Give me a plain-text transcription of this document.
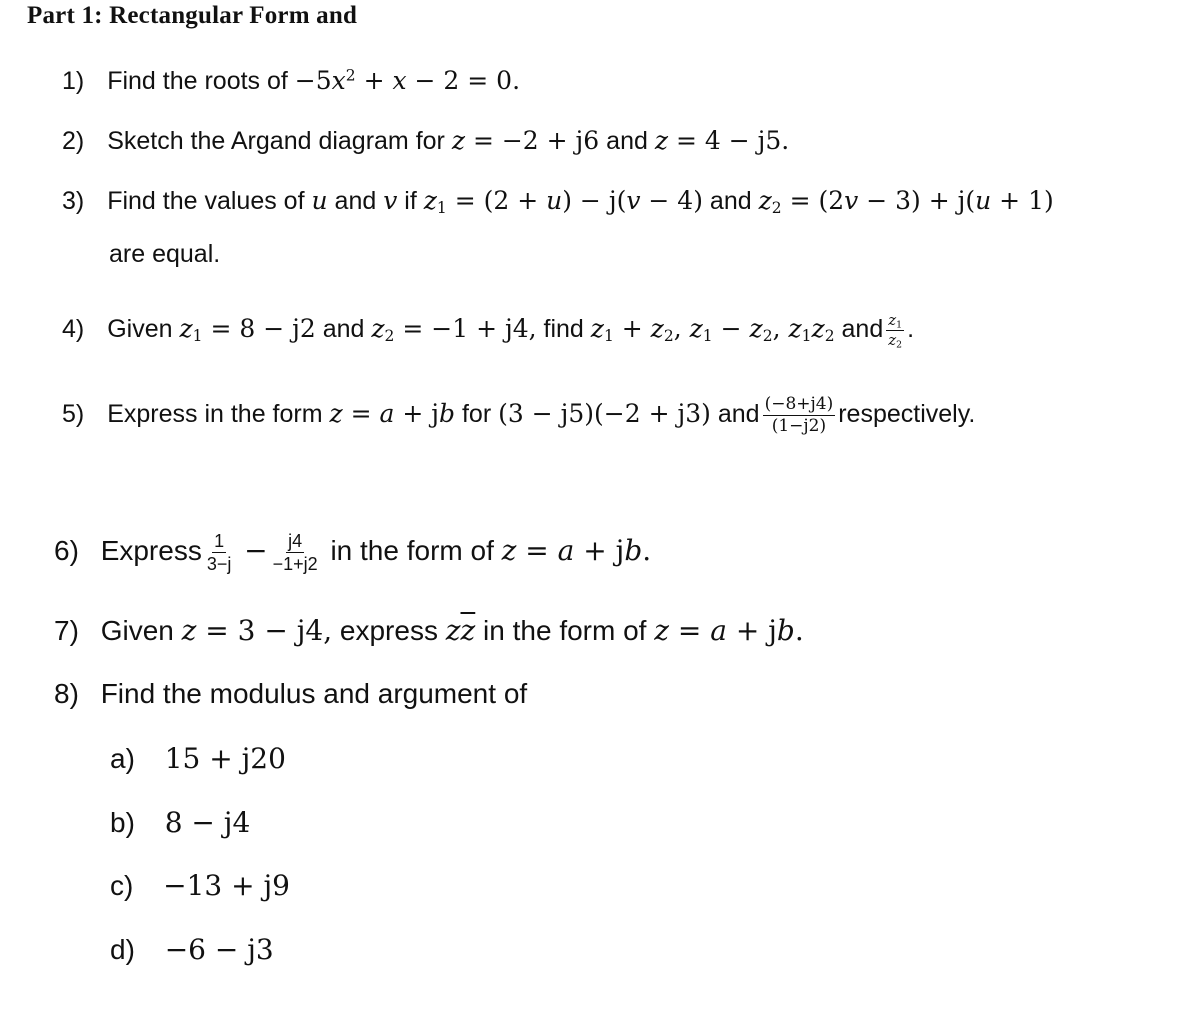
Part 1: Rectangular Form and
1) Find the roots of $-5x^2 + x - 2 = 0$.
2) Sketch the Argand diagram for z = −2 + j6 and z = 4 − j5.
3) Find the values of u and v if $z_1 = (2 + u) - j(v - 4)$ and $z_2 = (2v - 3) + j(u + 1)$
are equal.
4) Given $z_1 = 8 - j2$ and $z_2 = -1 + j4$, find $z_1 + z_2$, $z_1 - z_2$, $z_1z_2$ and $\frac{z_1}{z_2}$ .
5) Express in the form z = a + jb for (3 − j5)(−2 + j3) and $\frac{(-8+j4)}{(1-j2)}$ respectively.
6) Express $\frac{1}{3-j} - \frac{j4}{-1+j2}$ in the form of z = a + jb.
7) Given z = 3 − j4, express $z\overline{z}$ in the form of z = a + jb.
8) Find the modulus and argument of
a) 15 + j20
b) 8 − j4
c) −13 + j9
d) −6 − j3
